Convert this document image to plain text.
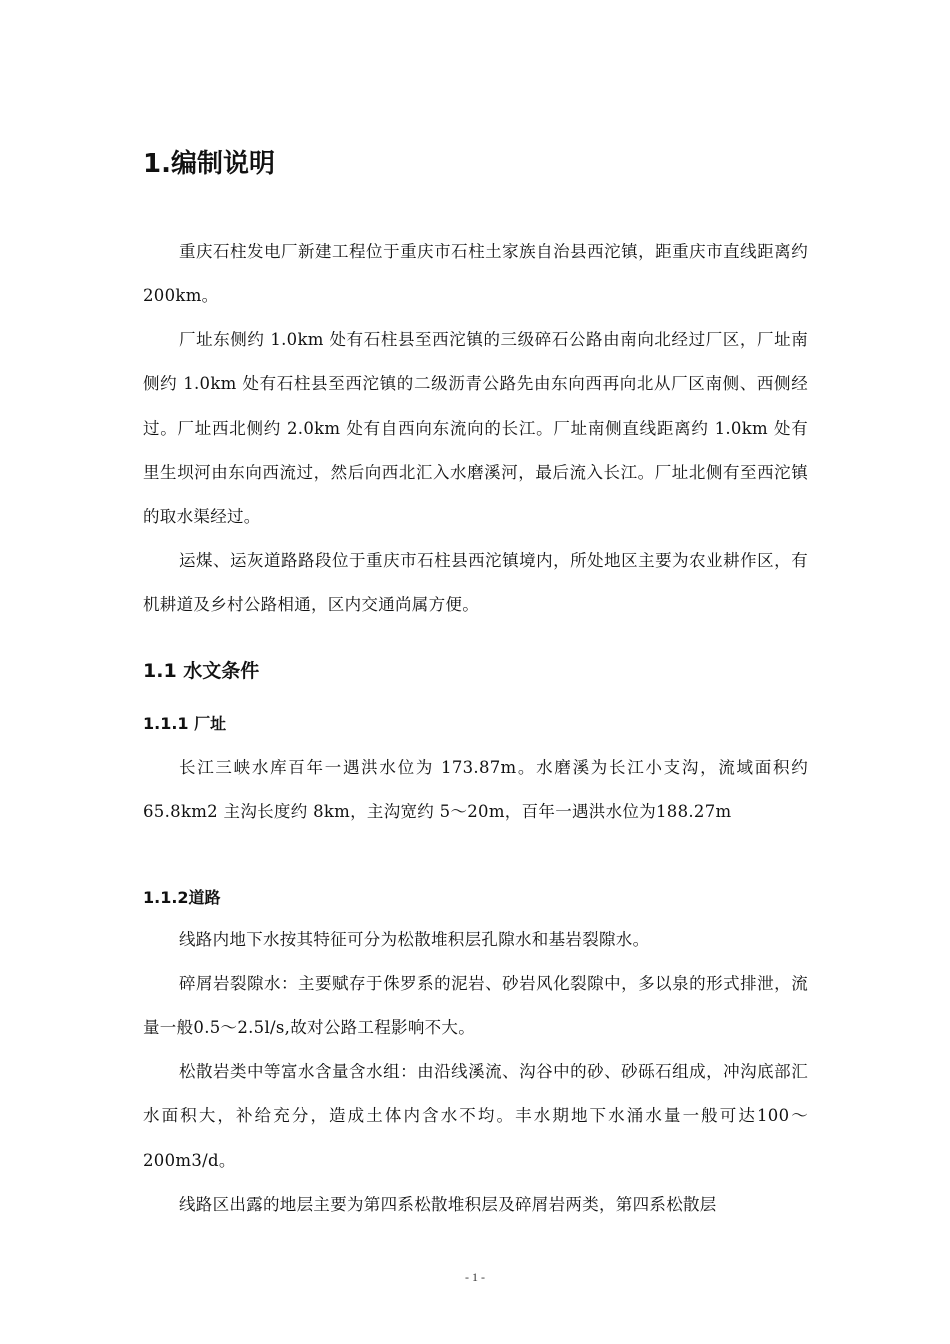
1.编制说明
重庆石柱发电厂新建工程位于重庆市石柱土家族自治县西沱镇，距重庆市直线距离约200km。
厂址东侧约 1.0km 处有石柱县至西沱镇的三级碎石公路由南向北经过厂区，厂址南侧约 1.0km 处有石柱县至西沱镇的二级沥青公路先由东向西再向北从厂区南侧、西侧经过。厂址西北侧约 2.0km 处有自西向东流向的长江。厂址南侧直线距离约 1.0km 处有里生坝河由东向西流过，然后向西北汇入水磨溪河，最后流入长江。厂址北侧有至西沱镇的取水渠经过。
运煤、运灰道路路段位于重庆市石柱县西沱镇境内，所处地区主要为农业耕作区，有机耕道及乡村公路相通，区内交通尚属方便。
1.1 水文条件
1.1.1 厂址
长江三峡水库百年一遇洪水位为 173.87m。水磨溪为长江小支沟，流域面积约 65.8km2 主沟长度约 8km，主沟宽约 5～20m，百年一遇洪水位为188.27m
1.1.2道路
线路内地下水按其特征可分为松散堆积层孔隙水和基岩裂隙水。
碎屑岩裂隙水：主要赋存于侏罗系的泥岩、砂岩风化裂隙中，多以泉的形式排泄，流量一般0.5～2.5l/s,故对公路工程影响不大。
松散岩类中等富水含量含水组：由沿线溪流、沟谷中的砂、砂砾石组成，冲沟底部汇水面积大，补给充分，造成土体内含水不均。丰水期地下水涌水量一般可达100～200m3/d。
线路区出露的地层主要为第四系松散堆积层及碎屑岩两类，第四系松散层
- 1 -
